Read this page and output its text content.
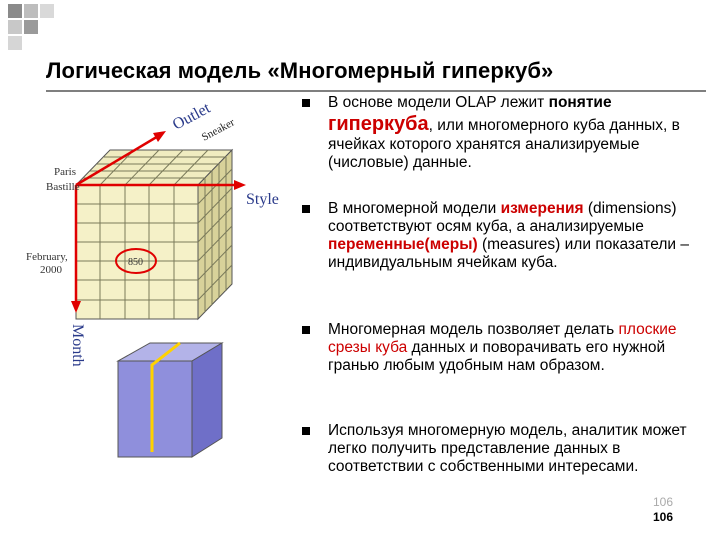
Логическая модель «Многомерный гиперкуб»
850
Outlet
Sneaker
Style
Month
Paris
Bastille
February,
2000
В основе модели OLAP лежит понятие
гиперкуба, или многомерного куба данных, в ячейках которого хранятся анализируемые (числовые) данные.
В многомерной модели измерения (dimensions) соответствуют осям куба, а анализируемые переменные(меры) (measures) или показатели – индивидуальным ячейкам куба.
Многомерная модель позволяет делать плоские срезы куба данных и поворачивать его нужной гранью любым удобным нам образом.
Используя многомерную модель, аналитик может легко получить представление данных в соответствии с собственными интересами.
106
106
